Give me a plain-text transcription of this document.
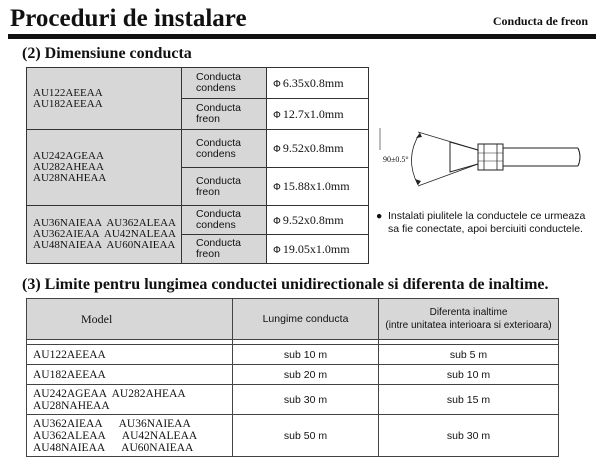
Proceduri de instalare	Conducta de freon
(2) Dimensiune conducta
AU122AEEAA
AU182AEEAA	Conducta
condens	Φ 6.35x0.8mm

	Conducta
freon	Φ 12.7x1.0mm

AU242AGEAA
AU282AHEAA
AU28NAHEAA	Conducta
condens	Φ 9.52x0.8mm

	Conducta
freon	Φ 15.88x1.0mm

AU36NAIEAA  AU362ALEAA
AU362AIEAA  AU42NALEAA
AU48NAIEAA  AU60NAIEAA	Conducta
condens	Φ 9.52x0.8mm

	Conducta
freon	Φ 19.05x1.0mm
90±0.5°
● Instalati piulitele la conductele ce urmeaza sa fie conectate, apoi berciuiti conductele.
(3) Limite pentru lungimea conductei unidirectionale si diferenta de inaltime.
Model	Lungime conducta	Diferenta inaltime
(intre unitatea interioara si exterioara)

AU122AEEAA	sub 10 m	sub 5 m

AU182AEEAA	sub 20 m	sub 10 m

AU242AGEAA  AU282AHEAA
AU28NAHEAA	sub 30 m	sub 15 m

AU362AIEAA      AU36NAIEAA
AU362ALEAA      AU42NALEAA
AU48NAIEAA      AU60NAIEAA	sub 50 m	sub 30 m
